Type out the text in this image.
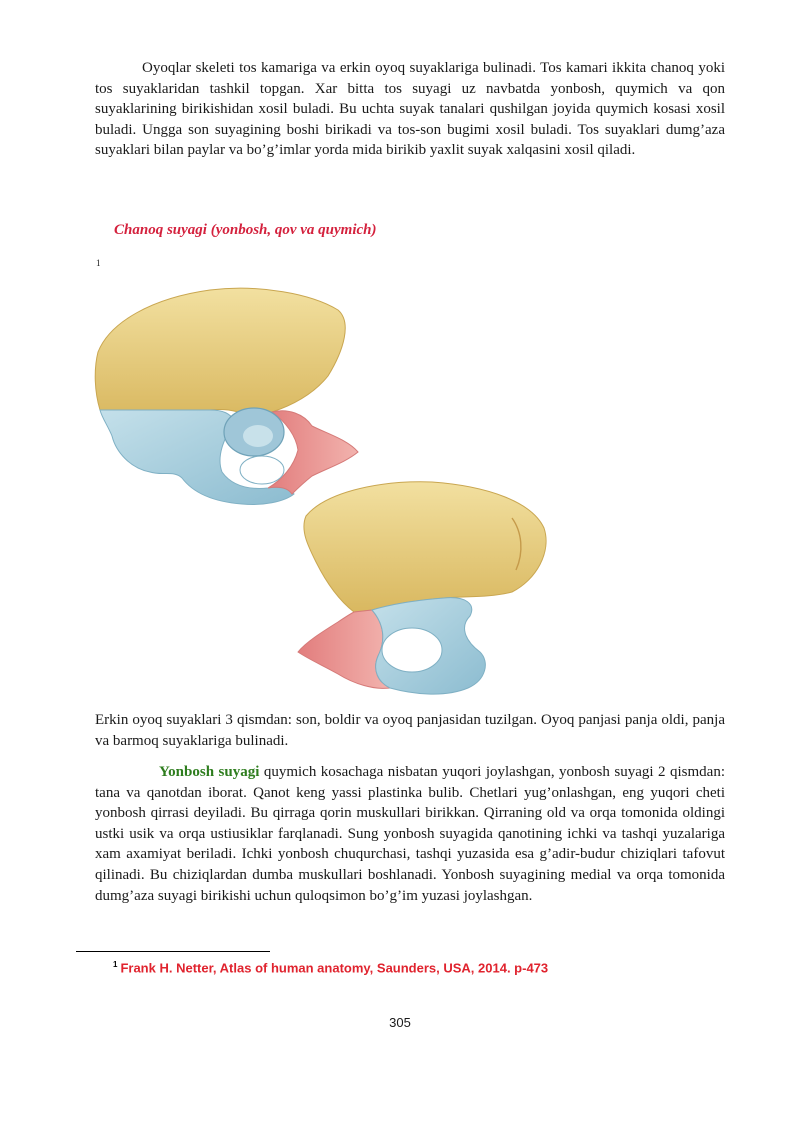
Oyoqlar skeleti tos kamariga va erkin oyoq suyaklariga bulinadi. Tos kamari ikkita chanoq yoki tos suyaklaridan tashkil topgan. Xar bitta tos suyagi uz navbatda yonbosh, quymich va qon suyaklarining birikishidan xosil buladi. Bu uchta suyak tanalari qushilgan joyida quymich kosasi xosil buladi. Ungga son suyagining boshi birikadi va tos-son bugimi xosil buladi. Tos suyaklari dumg’aza suyaklari bilan paylar va bo’g’imlar yorda mida birikib yaxlit suyak xalqasini xosil qiladi.

Chanoq suyagi (yonbosh, qov va quymich)

1

Erkin oyoq suyaklari 3 qismdan: son, boldir va oyoq panjasidan tuzilgan. Oyoq panjasi panja oldi, panja va barmoq suyaklariga bulinadi.

Yonbosh suyagi quymich kosachaga nisbatan yuqori joylashgan, yonbosh suyagi 2 qismdan: tana va qanotdan iborat. Qanot keng yassi plastinka bulib. Chetlari yug’onlashgan, eng yuqori cheti yonbosh qirrasi deyiladi. Bu qirraga qorin muskullari birikkan. Qirraning old va orqa tomonida oldingi ustki usik va orqa ustiusiklar farqlanadi. Sung yonbosh suyagida qanotining ichki va tashqi yuzalariga xam axamiyat beriladi. Ichki yonbosh chuqurchasi, tashqi yuzasida esa g’adir-budur chiziqlari tafovut qilinadi. Bu chiziqlardan dumba muskullari boshlanadi. Yonbosh suyagining medial va orqa tomonida dumg’aza suyagi birikishi uchun quloqsimon bo’g’im yuzasi joylashgan.

$^1$ Frank H. Netter, Atlas of human anatomy, Saunders, USA, 2014. p-473

305
